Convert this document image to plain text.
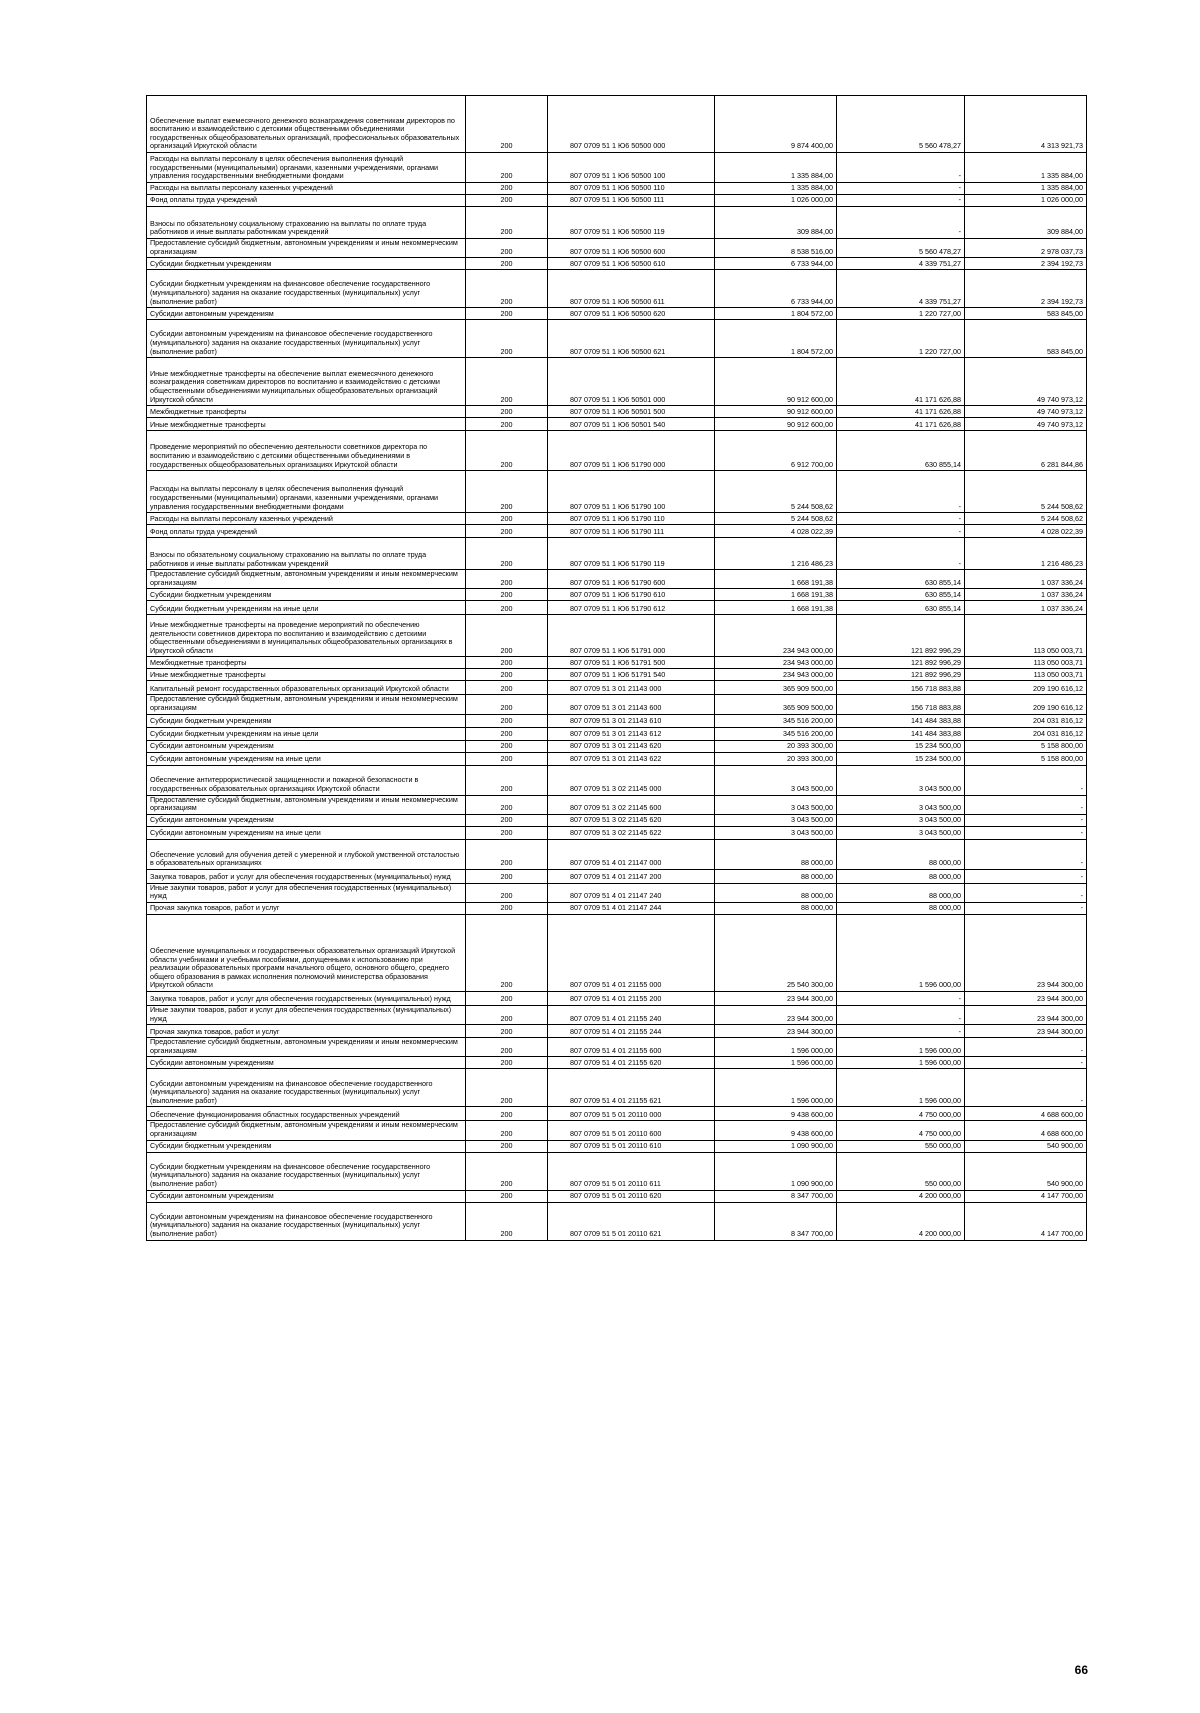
Обеспечение выплат ежемесячного денежного вознаграждения советникам директоров по воспитанию и взаимодействию с детскими общественными объединениями государственных общеобразовательных организаций, профессиональных образовательных организаций Иркутской области	200	807 0709 51 1 Ю6 50500 000	9 874 400,00	5 560 478,27	4 313 921,73
Расходы на выплаты персоналу в целях обеспечения выполнения функций государственными (муниципальными) органами, казенными учреждениями, органами управления государственными внебюджетными фондами	200	807 0709 51 1 Ю6 50500 100	1 335 884,00	-	1 335 884,00
Расходы на выплаты персоналу казенных учреждений	200	807 0709 51 1 Ю6 50500 110	1 335 884,00	-	1 335 884,00
Фонд оплаты труда учреждений	200	807 0709 51 1 Ю6 50500 111	1 026 000,00	-	1 026 000,00
Взносы по обязательному социальному страхованию на выплаты по оплате труда работников и иные выплаты работникам учреждений	200	807 0709 51 1 Ю6 50500 119	309 884,00	-	309 884,00
Предоставление субсидий бюджетным, автономным учреждениям и иным некоммерческим организациям	200	807 0709 51 1 Ю6 50500 600	8 538 516,00	5 560 478,27	2 978 037,73
Субсидии бюджетным учреждениям	200	807 0709 51 1 Ю6 50500 610	6 733 944,00	4 339 751,27	2 394 192,73
Субсидии бюджетным учреждениям на финансовое обеспечение государственного (муниципального) задания на оказание государственных (муниципальных) услуг (выполнение работ)	200	807 0709 51 1 Ю6 50500 611	6 733 944,00	4 339 751,27	2 394 192,73
Субсидии автономным учреждениям	200	807 0709 51 1 Ю6 50500 620	1 804 572,00	1 220 727,00	583 845,00
Субсидии автономным учреждениям на финансовое обеспечение государственного (муниципального) задания на оказание государственных (муниципальных) услуг (выполнение работ)	200	807 0709 51 1 Ю6 50500 621	1 804 572,00	1 220 727,00	583 845,00
Иные межбюджетные трансферты на обеспечение выплат ежемесячного денежного вознаграждения советникам директоров по воспитанию и взаимодействию с детскими общественными объединениями муниципальных общеобразовательных организаций Иркутской области	200	807 0709 51 1 Ю6 50501 000	90 912 600,00	41 171 626,88	49 740 973,12
Межбюджетные трансферты	200	807 0709 51 1 Ю6 50501 500	90 912 600,00	41 171 626,88	49 740 973,12
Иные межбюджетные трансферты	200	807 0709 51 1 Ю6 50501 540	90 912 600,00	41 171 626,88	49 740 973,12
Проведение мероприятий по обеспечению деятельности советников директора по воспитанию и взаимодействию с детскими общественными объединениями в государственных общеобразовательных организациях Иркутской области	200	807 0709 51 1 Ю6 51790 000	6 912 700,00	630 855,14	6 281 844,86
Расходы на выплаты персоналу в целях обеспечения выполнения функций государственными (муниципальными) органами, казенными учреждениями, органами управления государственными внебюджетными фондами	200	807 0709 51 1 Ю6 51790 100	5 244 508,62	-	5 244 508,62
Расходы на выплаты персоналу казенных учреждений	200	807 0709 51 1 Ю6 51790 110	5 244 508,62	-	5 244 508,62
Фонд оплаты труда учреждений	200	807 0709 51 1 Ю6 51790 111	4 028 022,39	-	4 028 022,39
Взносы по обязательному социальному страхованию на выплаты по оплате труда работников и иные выплаты работникам учреждений	200	807 0709 51 1 Ю6 51790 119	1 216 486,23	-	1 216 486,23
Предоставление субсидий бюджетным, автономным учреждениям и иным некоммерческим организациям	200	807 0709 51 1 Ю6 51790 600	1 668 191,38	630 855,14	1 037 336,24
Субсидии бюджетным учреждениям	200	807 0709 51 1 Ю6 51790 610	1 668 191,38	630 855,14	1 037 336,24
Субсидии бюджетным учреждениям на иные цели	200	807 0709 51 1 Ю6 51790 612	1 668 191,38	630 855,14	1 037 336,24
Иные межбюджетные трансферты на проведение мероприятий по обеспечению деятельности советников директора по воспитанию и взаимодействию с детскими общественными объединениями в муниципальных общеобразовательных организациях в Иркутской области	200	807 0709 51 1 Ю6 51791 000	234 943 000,00	121 892 996,29	113 050 003,71
Межбюджетные трансферты	200	807 0709 51 1 Ю6 51791 500	234 943 000,00	121 892 996,29	113 050 003,71
Иные межбюджетные трансферты	200	807 0709 51 1 Ю6 51791 540	234 943 000,00	121 892 996,29	113 050 003,71
Капитальный ремонт государственных образовательных организаций Иркутской области	200	807 0709 51 3 01 21143 000	365 909 500,00	156 718 883,88	209 190 616,12
Предоставление субсидий бюджетным, автономным учреждениям и иным некоммерческим организациям	200	807 0709 51 3 01 21143 600	365 909 500,00	156 718 883,88	209 190 616,12
Субсидии бюджетным учреждениям	200	807 0709 51 3 01 21143 610	345 516 200,00	141 484 383,88	204 031 816,12
Субсидии бюджетным учреждениям на иные цели	200	807 0709 51 3 01 21143 612	345 516 200,00	141 484 383,88	204 031 816,12
Субсидии автономным учреждениям	200	807 0709 51 3 01 21143 620	20 393 300,00	15 234 500,00	5 158 800,00
Субсидии автономным учреждениям на иные цели	200	807 0709 51 3 01 21143 622	20 393 300,00	15 234 500,00	5 158 800,00
Обеспечение антитеррористической защищенности и пожарной безопасности в государственных образовательных организациях Иркутской области	200	807 0709 51 3 02 21145 000	3 043 500,00	3 043 500,00	-
Предоставление субсидий бюджетным, автономным учреждениям и иным некоммерческим организациям	200	807 0709 51 3 02 21145 600	3 043 500,00	3 043 500,00	-
Субсидии автономным учреждениям	200	807 0709 51 3 02 21145 620	3 043 500,00	3 043 500,00	-
Субсидии автономным учреждениям на иные цели	200	807 0709 51 3 02 21145 622	3 043 500,00	3 043 500,00	-
Обеспечение условий для обучения детей с умеренной и глубокой умственной отсталостью в образовательных организациях	200	807 0709 51 4 01 21147 000	88 000,00	88 000,00	-
Закупка товаров, работ и услуг для обеспечения государственных (муниципальных) нужд	200	807 0709 51 4 01 21147 200	88 000,00	88 000,00	-
Иные закупки товаров, работ и услуг для обеспечения государственных (муниципальных) нужд	200	807 0709 51 4 01 21147 240	88 000,00	88 000,00	-
Прочая закупка товаров, работ и услуг	200	807 0709 51 4 01 21147 244	88 000,00	88 000,00	-
Обеспечение муниципальных и государственных образовательных организаций Иркутской области учебниками и учебными пособиями, допущенными к использованию при реализации образовательных программ начального общего, основного общего, среднего общего образования в рамках исполнения полномочий министерства образования Иркутской области	200	807 0709 51 4 01 21155 000	25 540 300,00	1 596 000,00	23 944 300,00
Закупка товаров, работ и услуг для обеспечения государственных (муниципальных) нужд	200	807 0709 51 4 01 21155 200	23 944 300,00	-	23 944 300,00
Иные закупки товаров, работ и услуг для обеспечения государственных (муниципальных) нужд	200	807 0709 51 4 01 21155 240	23 944 300,00	-	23 944 300,00
Прочая закупка товаров, работ и услуг	200	807 0709 51 4 01 21155 244	23 944 300,00	-	23 944 300,00
Предоставление субсидий бюджетным, автономным учреждениям и иным некоммерческим организациям	200	807 0709 51 4 01 21155 600	1 596 000,00	1 596 000,00	-
Субсидии автономным учреждениям	200	807 0709 51 4 01 21155 620	1 596 000,00	1 596 000,00	-
Субсидии автономным учреждениям на финансовое обеспечение государственного (муниципального) задания на оказание государственных (муниципальных) услуг (выполнение работ)	200	807 0709 51 4 01 21155 621	1 596 000,00	1 596 000,00	-
Обеспечение функционирования областных государственных учреждений	200	807 0709 51 5 01 20110 000	9 438 600,00	4 750 000,00	4 688 600,00
Предоставление субсидий бюджетным, автономным учреждениям и иным некоммерческим организациям	200	807 0709 51 5 01 20110 600	9 438 600,00	4 750 000,00	4 688 600,00
Субсидии бюджетным учреждениям	200	807 0709 51 5 01 20110 610	1 090 900,00	550 000,00	540 900,00
Субсидии бюджетным учреждениям на финансовое обеспечение государственного (муниципального) задания на оказание государственных (муниципальных) услуг (выполнение работ)	200	807 0709 51 5 01 20110 611	1 090 900,00	550 000,00	540 900,00
Субсидии автономным учреждениям	200	807 0709 51 5 01 20110 620	8 347 700,00	4 200 000,00	4 147 700,00
Субсидии автономным учреждениям на финансовое обеспечение государственного (муниципального) задания на оказание государственных (муниципальных) услуг (выполнение работ)	200	807 0709 51 5 01 20110 621	8 347 700,00	4 200 000,00	4 147 700,00
66
